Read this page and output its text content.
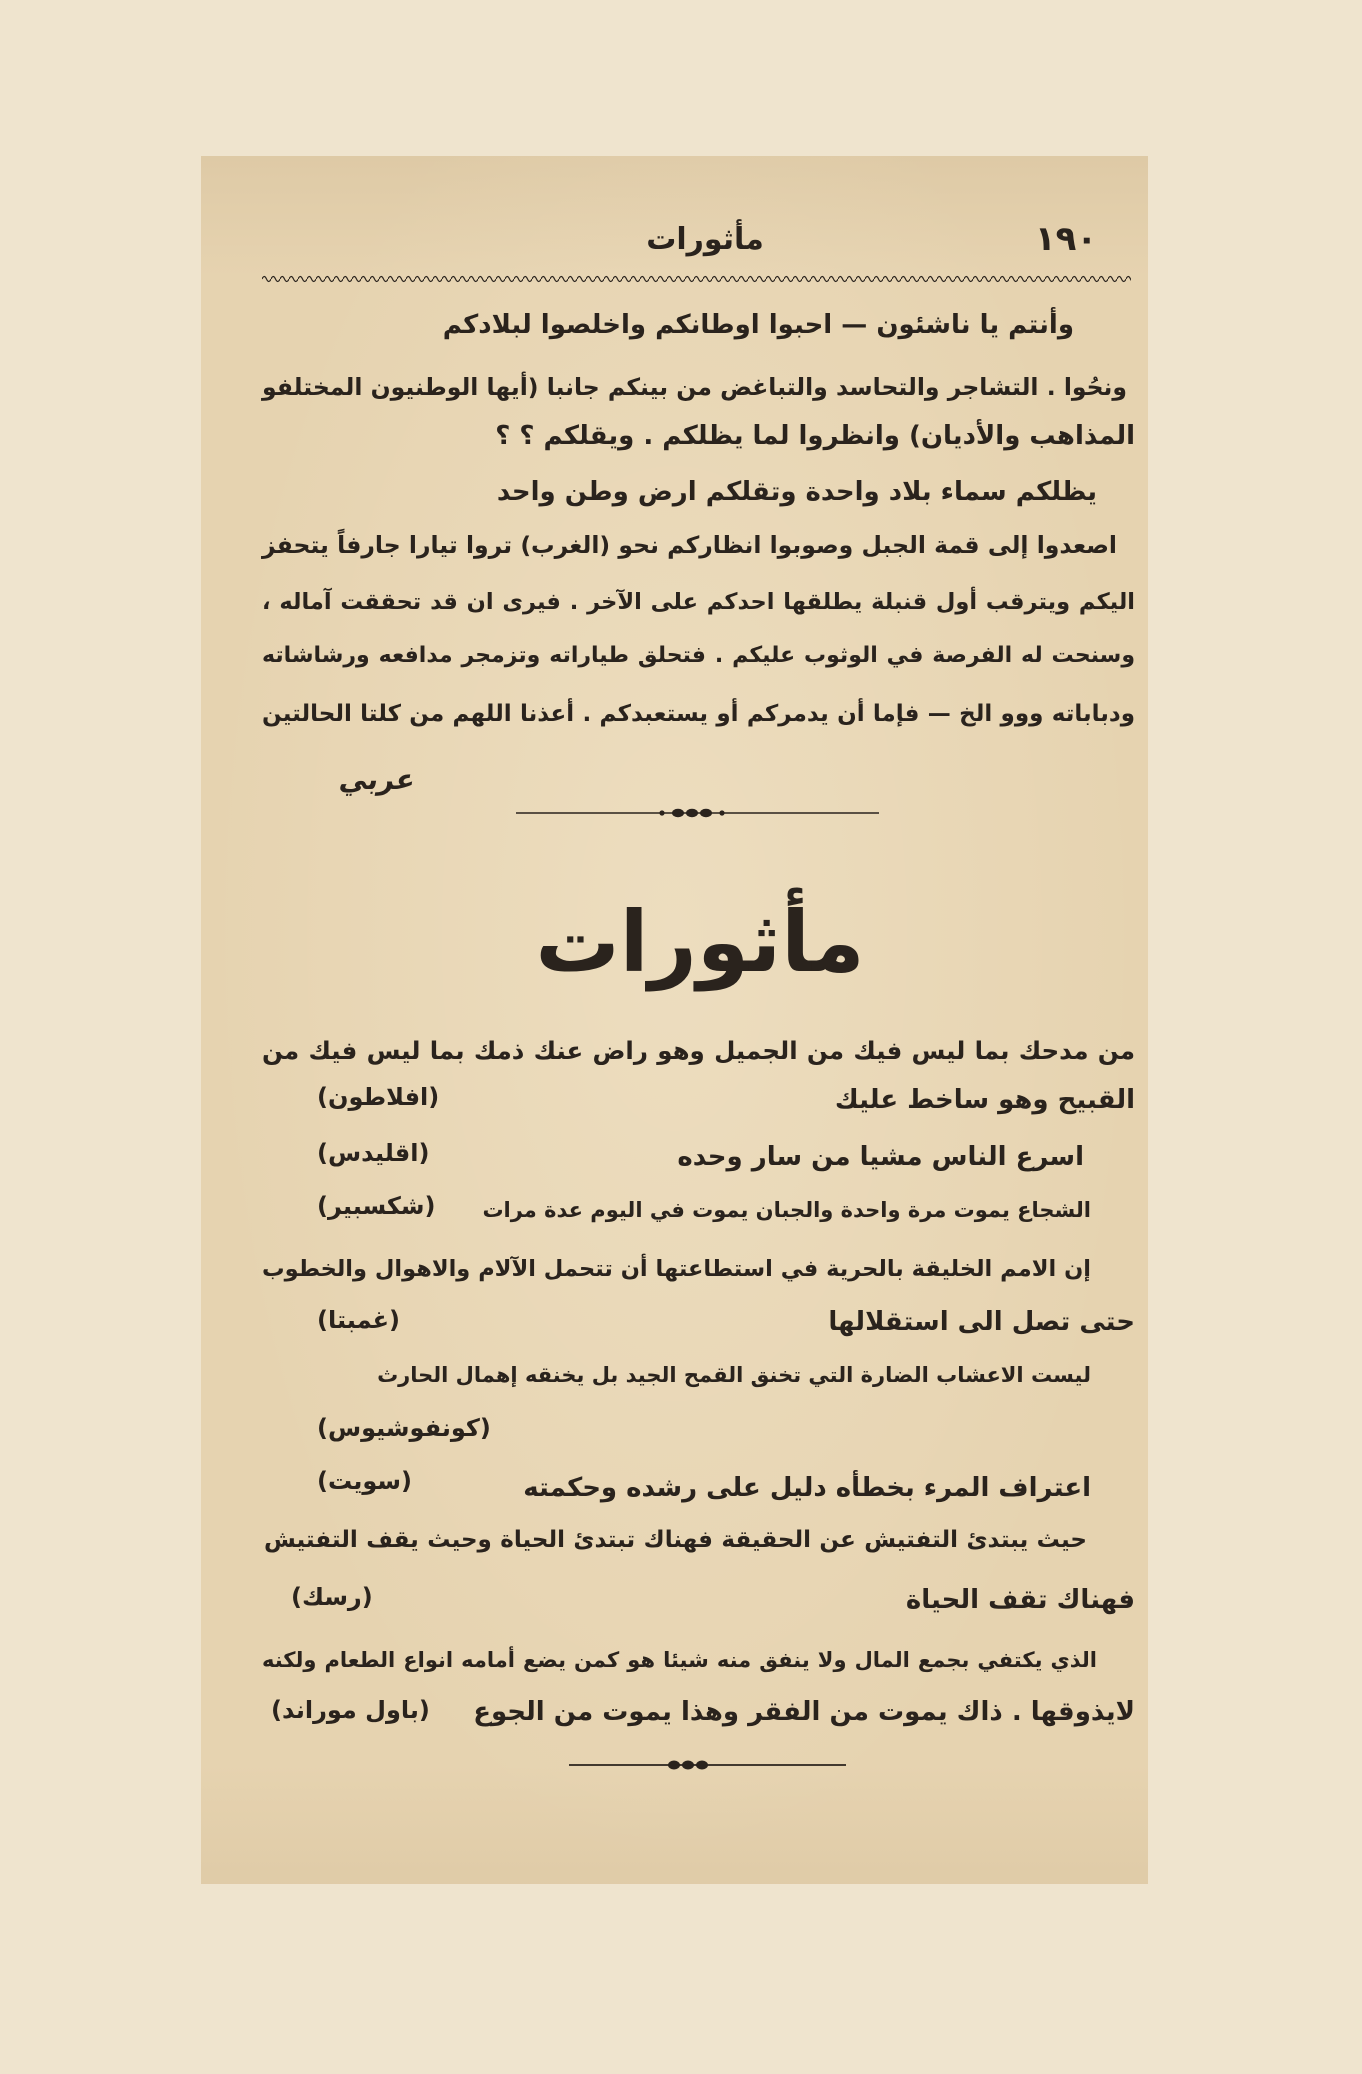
١٩٠
مأثورات
وأنتم يا ناشئون — احبوا اوطانكم واخلصوا لبلادكم
ونحُوا . التشاجر والتحاسد والتباغض من بينكم جانبا (أيها الوطنيون المختلفو
المذاهب والأديان) وانظروا لما يظلكم . ويقلكم ؟ ؟
يظلكم سماء بلاد واحدة وتقلكم ارض وطن واحد
اصعدوا إلى قمة الجبل وصوبوا انظاركم نحو (الغرب) تروا تيارا جارفاً يتحفز
اليكم ويترقب أول قنبلة يطلقها احدكم على الآخر . فيرى ان قد تحققت آماله ،
وسنحت له الفرصة في الوثوب عليكم . فتحلق طياراته وتزمجر مدافعه ورشاشاته
ودباباته ووو الخ — فإما أن يدمركم أو يستعبدكم . أعذنا اللهم من كلتا الحالتين
عربي
مأثورات
من مدحك بما ليس فيك من الجميل وهو راض عنك ذمك بما ليس فيك من
القبيح وهو ساخط عليك
(افلاطون)
اسرع الناس مشيا من سار وحده
(اقليدس)
الشجاع يموت مرة واحدة والجبان يموت في اليوم عدة مرات
(شكسبير)
إن الامم الخليقة بالحرية في استطاعتها أن تتحمل الآلام والاهوال والخطوب
حتى تصل الى استقلالها
(غمبتا)
ليست الاعشاب الضارة التي تخنق القمح الجيد بل يخنقه إهمال الحارث
(كونفوشيوس)
اعتراف المرء بخطأه دليل على رشده وحكمته
(سويت)
حيث يبتدئ التفتيش عن الحقيقة فهناك تبتدئ الحياة وحيث يقف التفتيش
فهناك تقف الحياة
(رسك)
الذي يكتفي بجمع المال ولا ينفق منه شيئا هو كمن يضع أمامه انواع الطعام ولكنه
لايذوقها . ذاك يموت من الفقر وهذا يموت من الجوع
(باول موراند)
